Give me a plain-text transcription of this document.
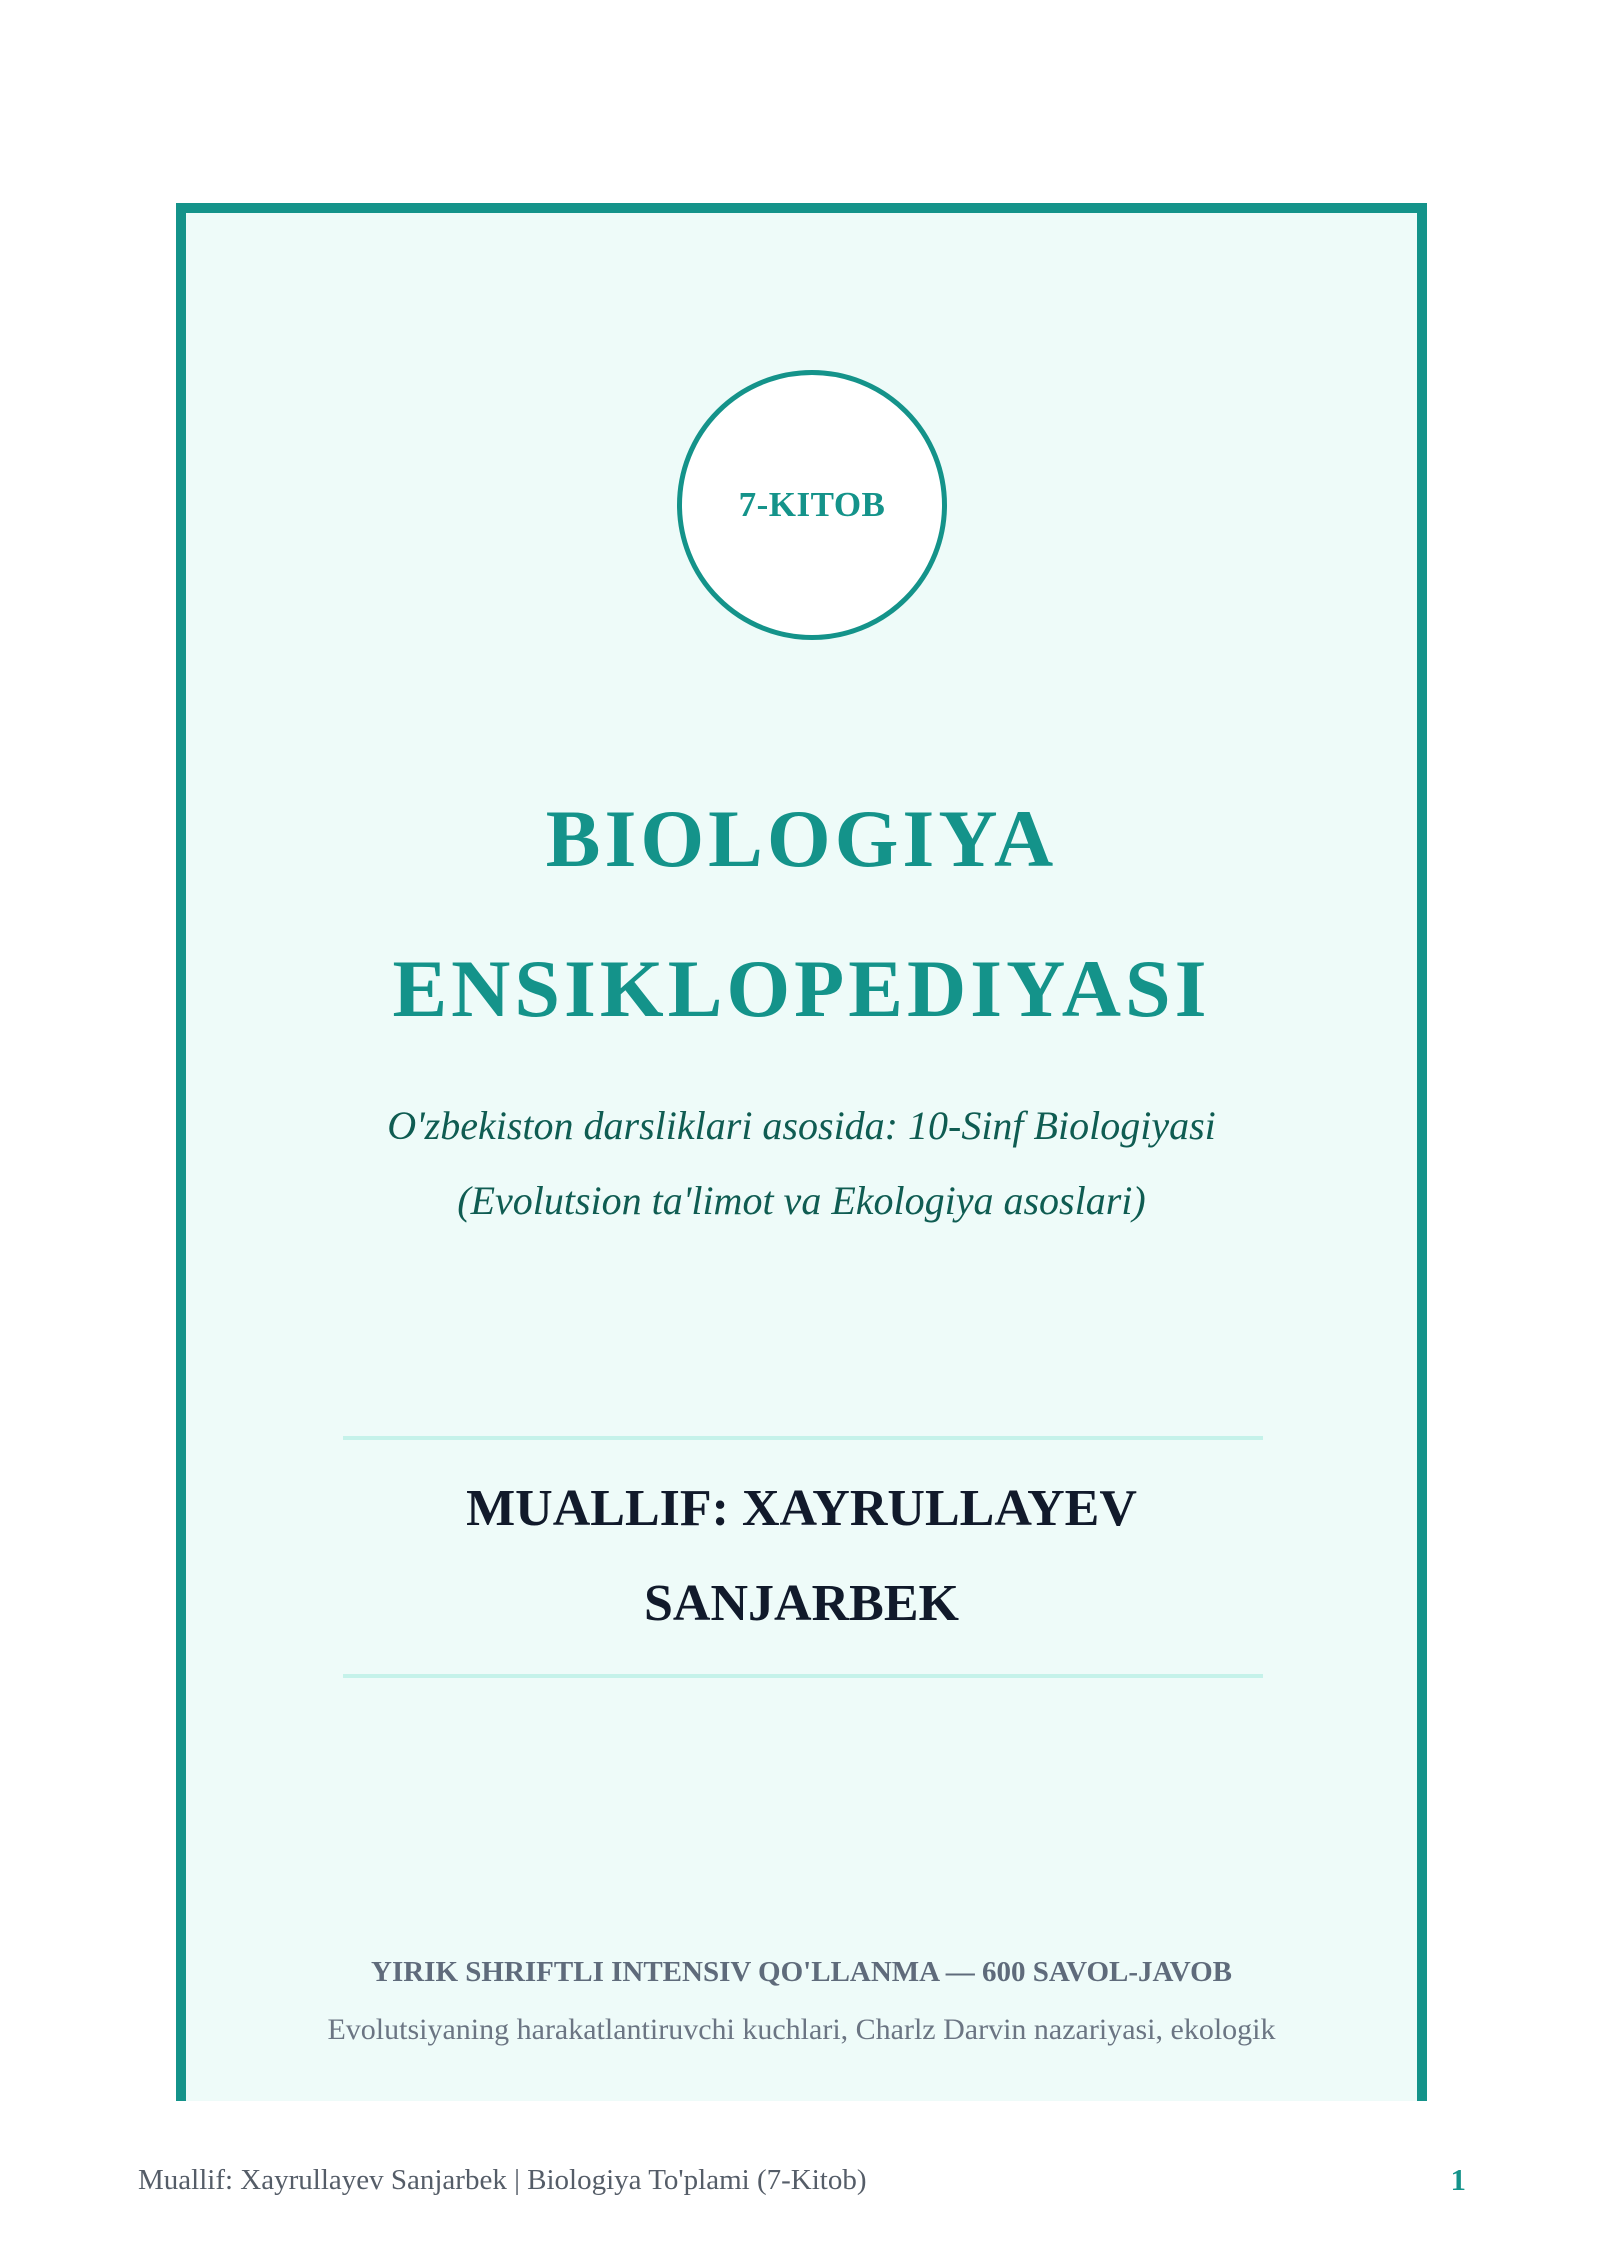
7-KITOB
BIOLOGIYA
ENSIKLOPEDIYASI
O'zbekiston darsliklari asosida: 10-Sinf Biologiyasi
(Evolutsion ta'limot va Ekologiya asoslari)
MUALLIF: XAYRULLAYEV
SANJARBEK
YIRIK SHRIFTLI INTENSIV QO'LLANMA — 600 SAVOL-JAVOB
Evolutsiyaning harakatlantiruvchi kuchlari, Charlz Darvin nazariyasi, ekologik
Muallif: Xayrullayev Sanjarbek | Biologiya To'plami (7-Kitob)	1
